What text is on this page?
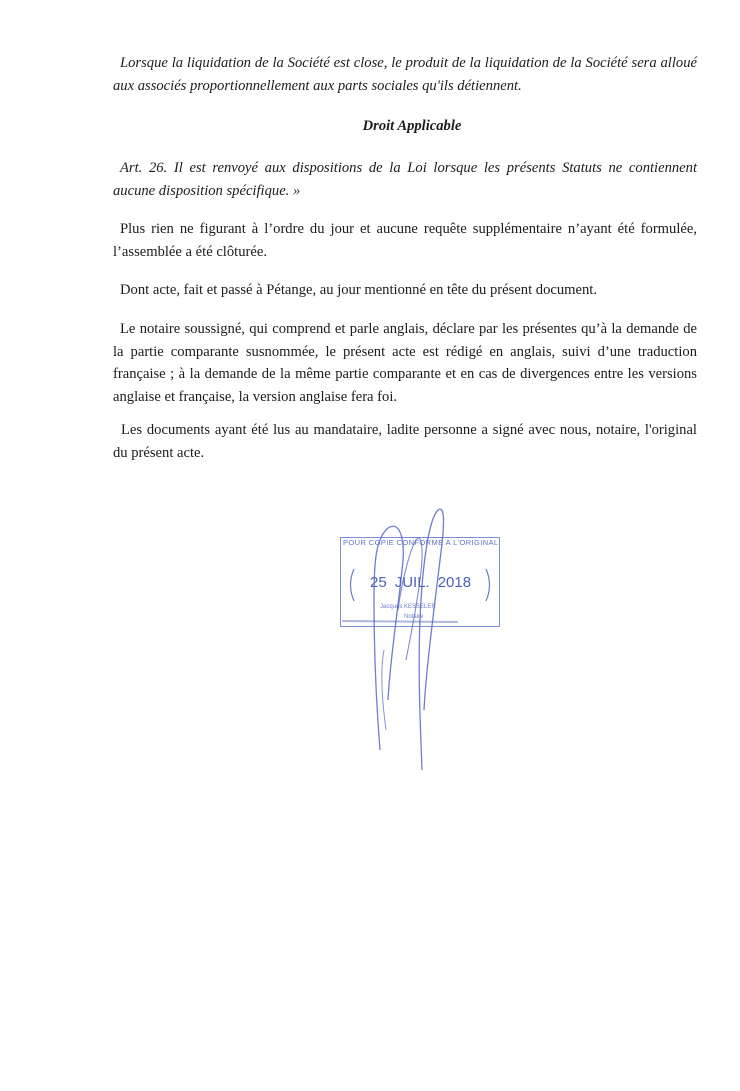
Lorsque la liquidation de la Société est close, le produit de la liquidation de la Société sera alloué aux associés proportionnellement aux parts sociales qu'ils détiennent.

Droit Applicable

Art. 26. Il est renvoyé aux dispositions de la Loi lorsque les présents Statuts ne contiennent aucune disposition spécifique. »

Plus rien ne figurant à l’ordre du jour et aucune requête supplémentaire n’ayant été formulée, l’assemblée a été clôturée.

Dont acte, fait et passé à Pétange, au jour mentionné en tête du présent document.

Le notaire soussigné, qui comprend et parle anglais, déclare par les présentes qu’à la demande de la partie comparante susnommée, le présent acte est rédigé en anglais, suivi d’une traduction française ; à la demande de la même partie comparante et en cas de divergences entre les versions anglaise et française, la version anglaise fera foi.

Les documents ayant été lus au mandataire, ladite personne a signé avec nous, notaire, l'original du présent acte.

POUR COPIE CONFORME A L'ORIGINAL
25 JUIL. 2018
Jacques KESSELER
Notaire
